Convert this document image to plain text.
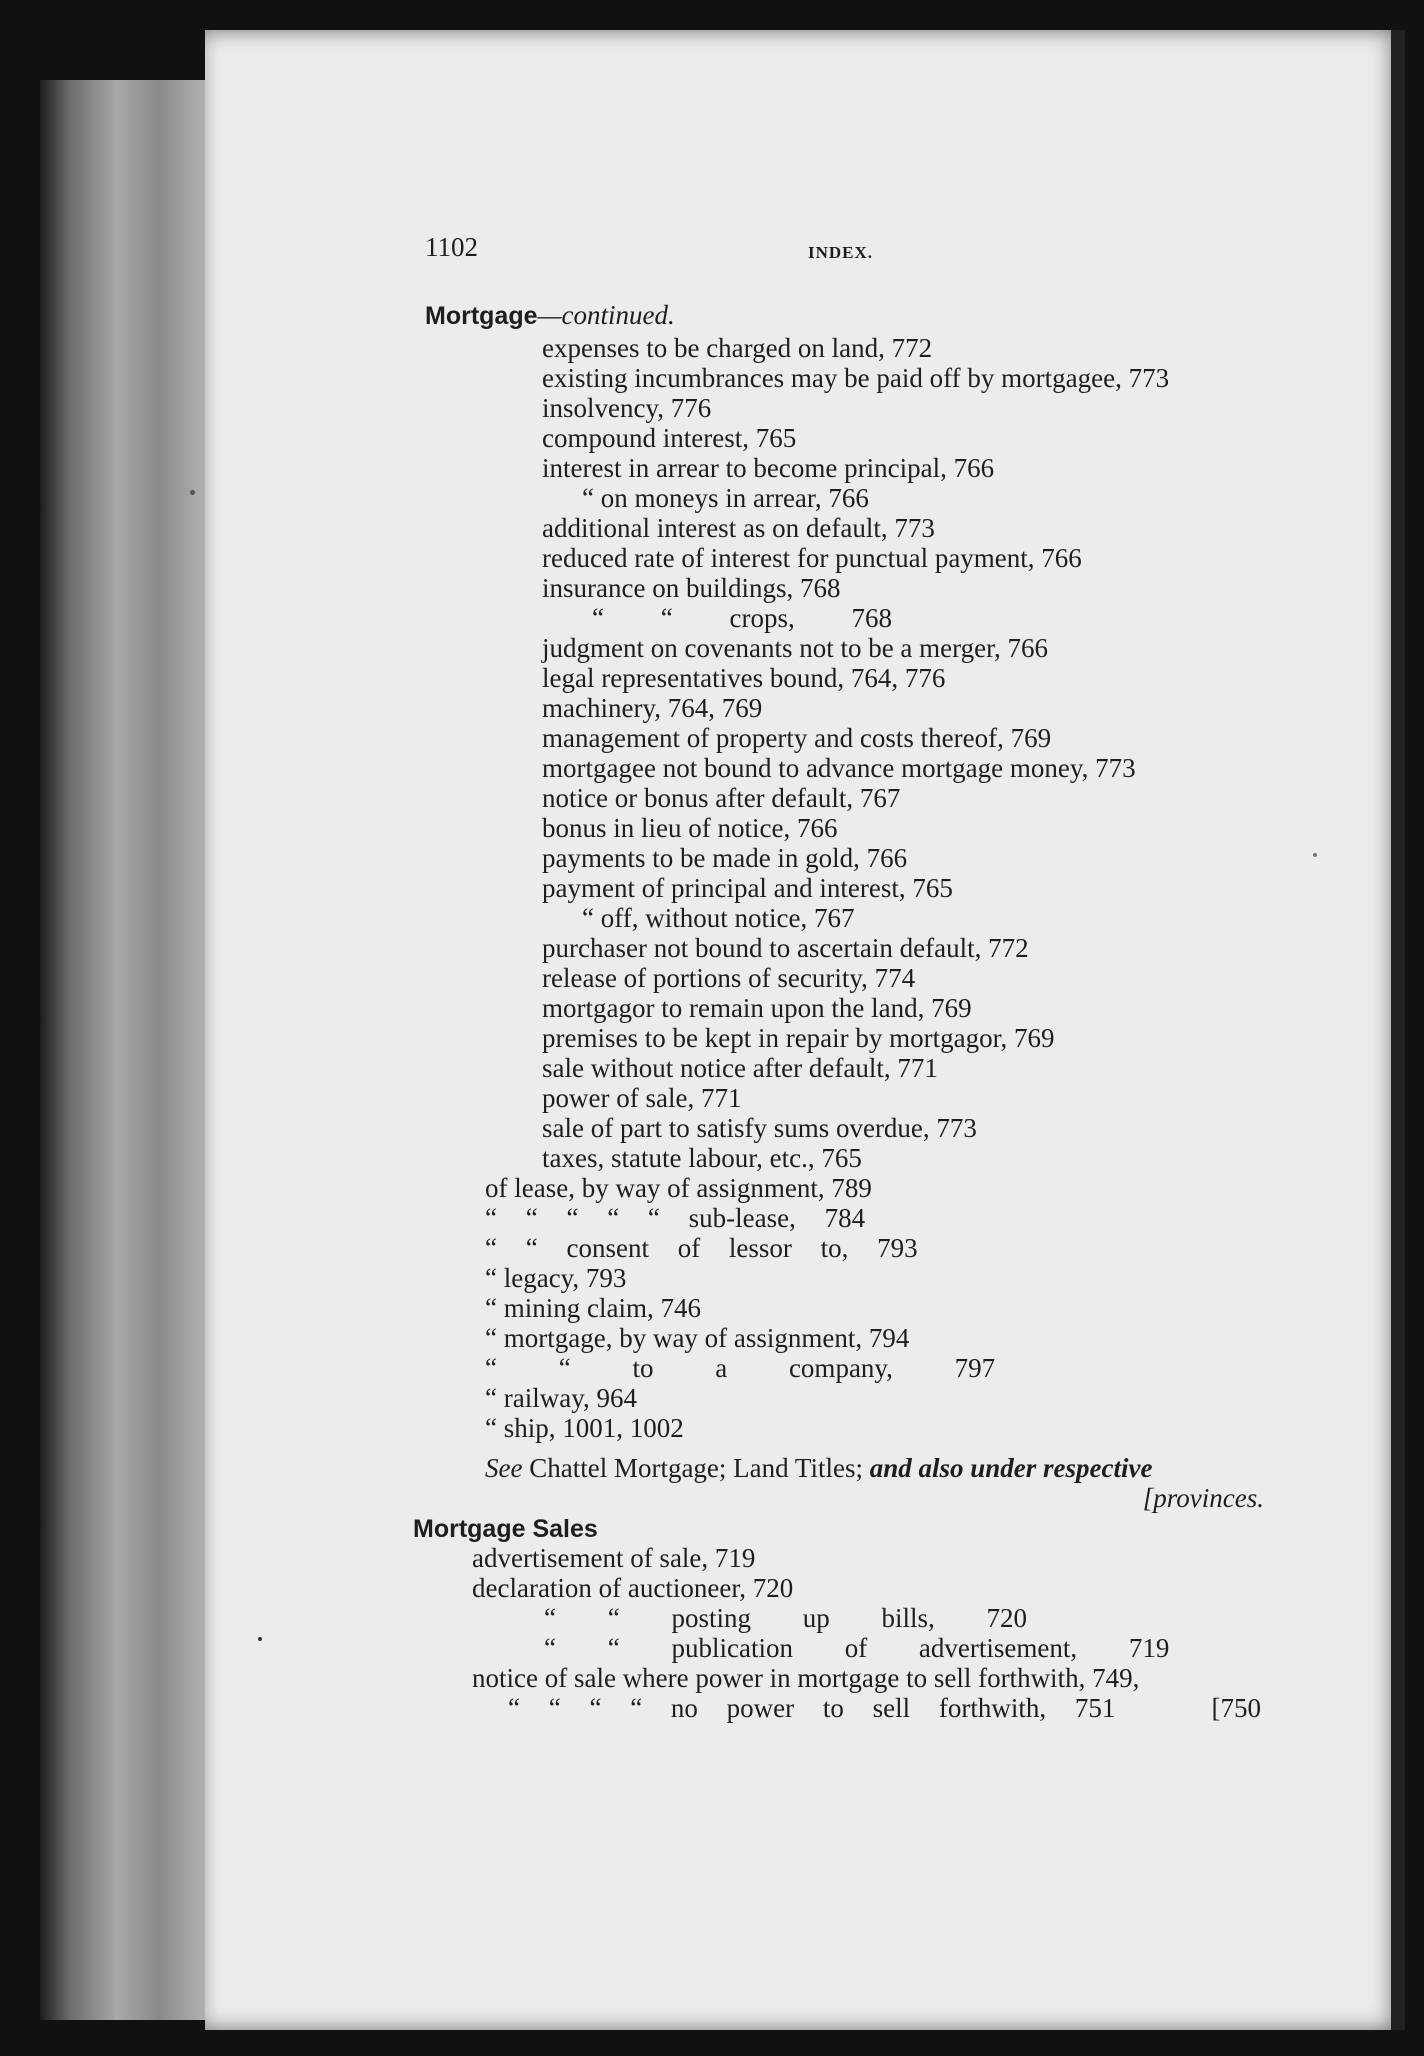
1102	INDEX.
Mortgage—continued.
expenses to be charged on land, 772
existing incumbrances may be paid off by mortgagee, 773
insolvency, 776
compound interest, 765
interest in arrear to become principal, 766
“ on moneys in arrear, 766
additional interest as on default, 773
reduced rate of interest for punctual payment, 766
insurance on buildings, 768
“ “ crops, 768
judgment on covenants not to be a merger, 766
legal representatives bound, 764, 776
machinery, 764, 769
management of property and costs thereof, 769
mortgagee not bound to advance mortgage money, 773
notice or bonus after default, 767
bonus in lieu of notice, 766
payments to be made in gold, 766
payment of principal and interest, 765
“ off, without notice, 767
purchaser not bound to ascertain default, 772
release of portions of security, 774
mortgagor to remain upon the land, 769
premises to be kept in repair by mortgagor, 769
sale without notice after default, 771
power of sale, 771
sale of part to satisfy sums overdue, 773
taxes, statute labour, etc., 765
of lease, by way of assignment, 789
“ “ “ “ “ sub-lease, 784
“ “ consent of lessor to, 793
“ legacy, 793
“ mining claim, 746
“ mortgage, by way of assignment, 794
“ “ to a company, 797
“ railway, 964
“ ship, 1001, 1002
See Chattel Mortgage; Land Titles; and also under respective
[provinces.
Mortgage Sales
advertisement of sale, 719
declaration of auctioneer, 720
“ “ posting up bills, 720
“ “ publication of advertisement, 719
notice of sale where power in mortgage to sell forthwith, 749,
“ “ “ “ no power to sell forthwith, 751	[750
